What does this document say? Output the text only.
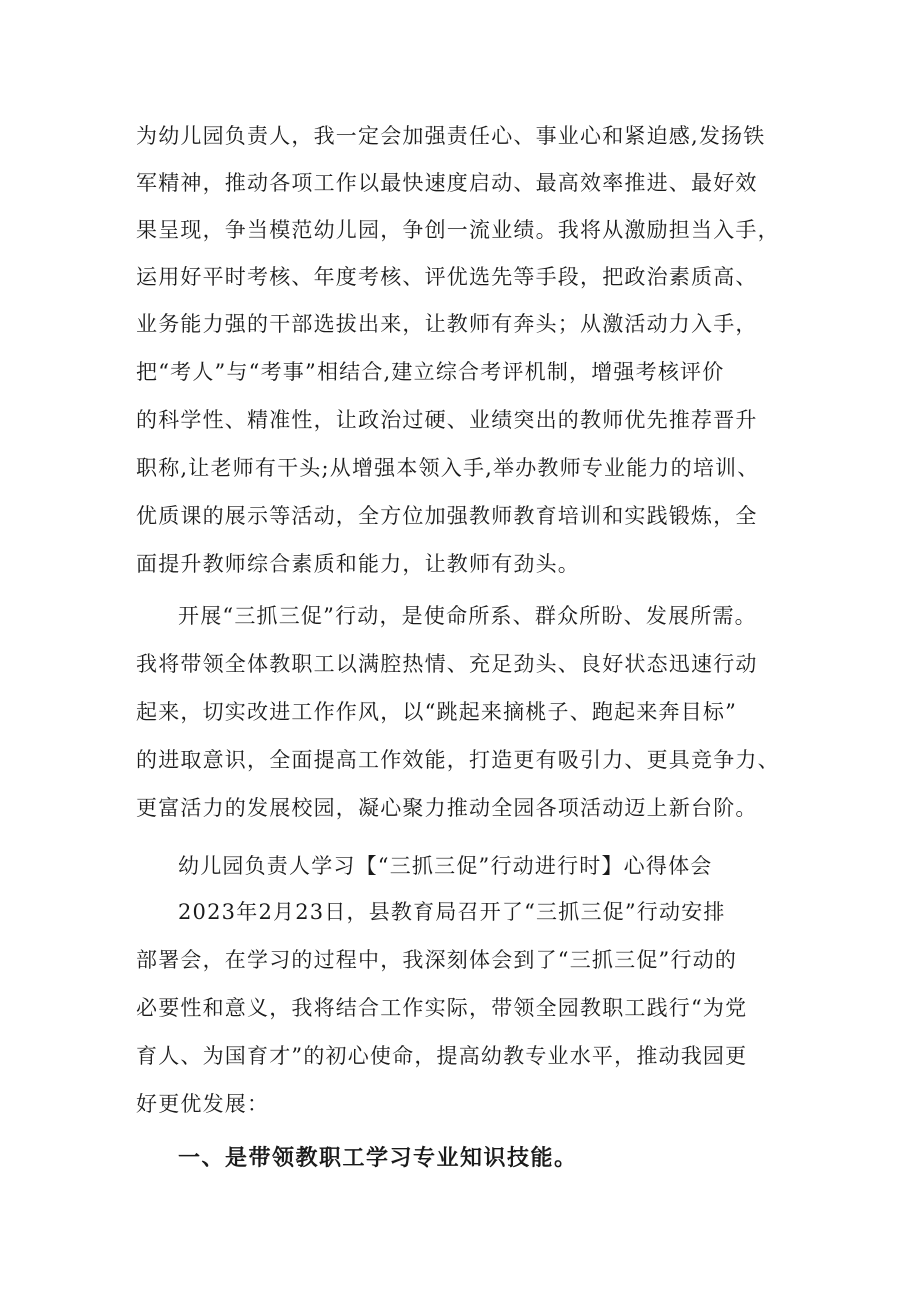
为幼儿园负责人，我一定会加强责任心、事业心和紧迫感,发扬铁
军精神，推动各项工作以最快速度启动、最高效率推进、最好效
果呈现，争当模范幼儿园，争创一流业绩。我将从激励担当入手，
运用好平时考核、年度考核、评优选先等手段，把政治素质高、
业务能力强的干部选拔出来，让教师有奔头；从激活动力入手，
把“考人”与“考事”相结合,建立综合考评机制，增强考核评价
的科学性、精准性，让政治过硬、业绩突出的教师优先推荐晋升
职称,让老师有干头;从增强本领入手,举办教师专业能力的培训、
优质课的展示等活动，全方位加强教师教育培训和实践锻炼，全
面提升教师综合素质和能力，让教师有劲头。
开展“三抓三促”行动，是使命所系、群众所盼、发展所需。
我将带领全体教职工以满腔热情、充足劲头、良好状态迅速行动
起来，切实改进工作作风，以“跳起来摘桃子、跑起来奔目标”
的进取意识，全面提高工作效能，打造更有吸引力、更具竞争力、
更富活力的发展校园，凝心聚力推动全园各项活动迈上新台阶。
幼儿园负责人学习【“三抓三促”行动进行时】心得体会
2023年2月23日，县教育局召开了“三抓三促”行动安排
部署会，在学习的过程中，我深刻体会到了“三抓三促”行动的
必要性和意义，我将结合工作实际，带领全园教职工践行“为党
育人、为国育才”的初心使命，提高幼教专业水平，推动我园更
好更优发展：
一、是带领教职工学习专业知识技能。
